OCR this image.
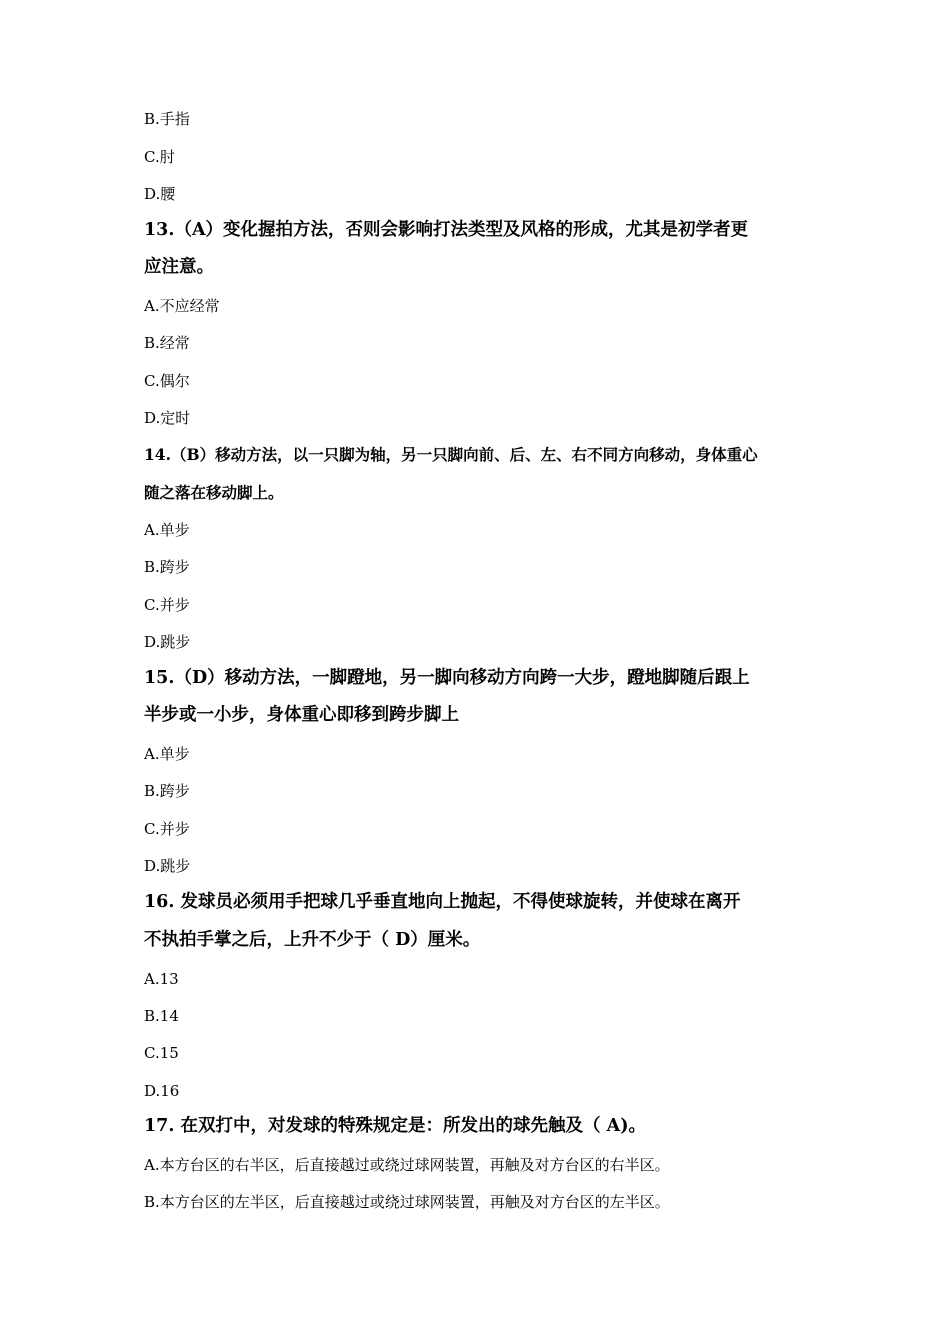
B.手指
C.肘
D.腰
13.（A）变化握拍方法，否则会影响打法类型及风格的形成，尤其是初学者更
应注意。
A.不应经常
B.经常
C.偶尔
D.定时
14.（B）移动方法，以一只脚为轴，另一只脚向前、后、左、右不同方向移动，身体重心
随之落在移动脚上。
A.单步
B.跨步
C.并步
D.跳步
15.（D）移动方法，一脚蹬地，另一脚向移动方向跨一大步，蹬地脚随后跟上
半步或一小步，身体重心即移到跨步脚上
A.单步
B.跨步
C.并步
D.跳步
16. 发球员必须用手把球几乎垂直地向上抛起，不得使球旋转，并使球在离开
不执拍手掌之后，上升不少于（ D）厘米。
A.13
B.14
C.15
D.16
17. 在双打中，对发球的特殊规定是：所发出的球先触及（ A)。
A.本方台区的右半区，后直接越过或绕过球网装置，再触及对方台区的右半区。
B.本方台区的左半区，后直接越过或绕过球网装置，再触及对方台区的左半区。
